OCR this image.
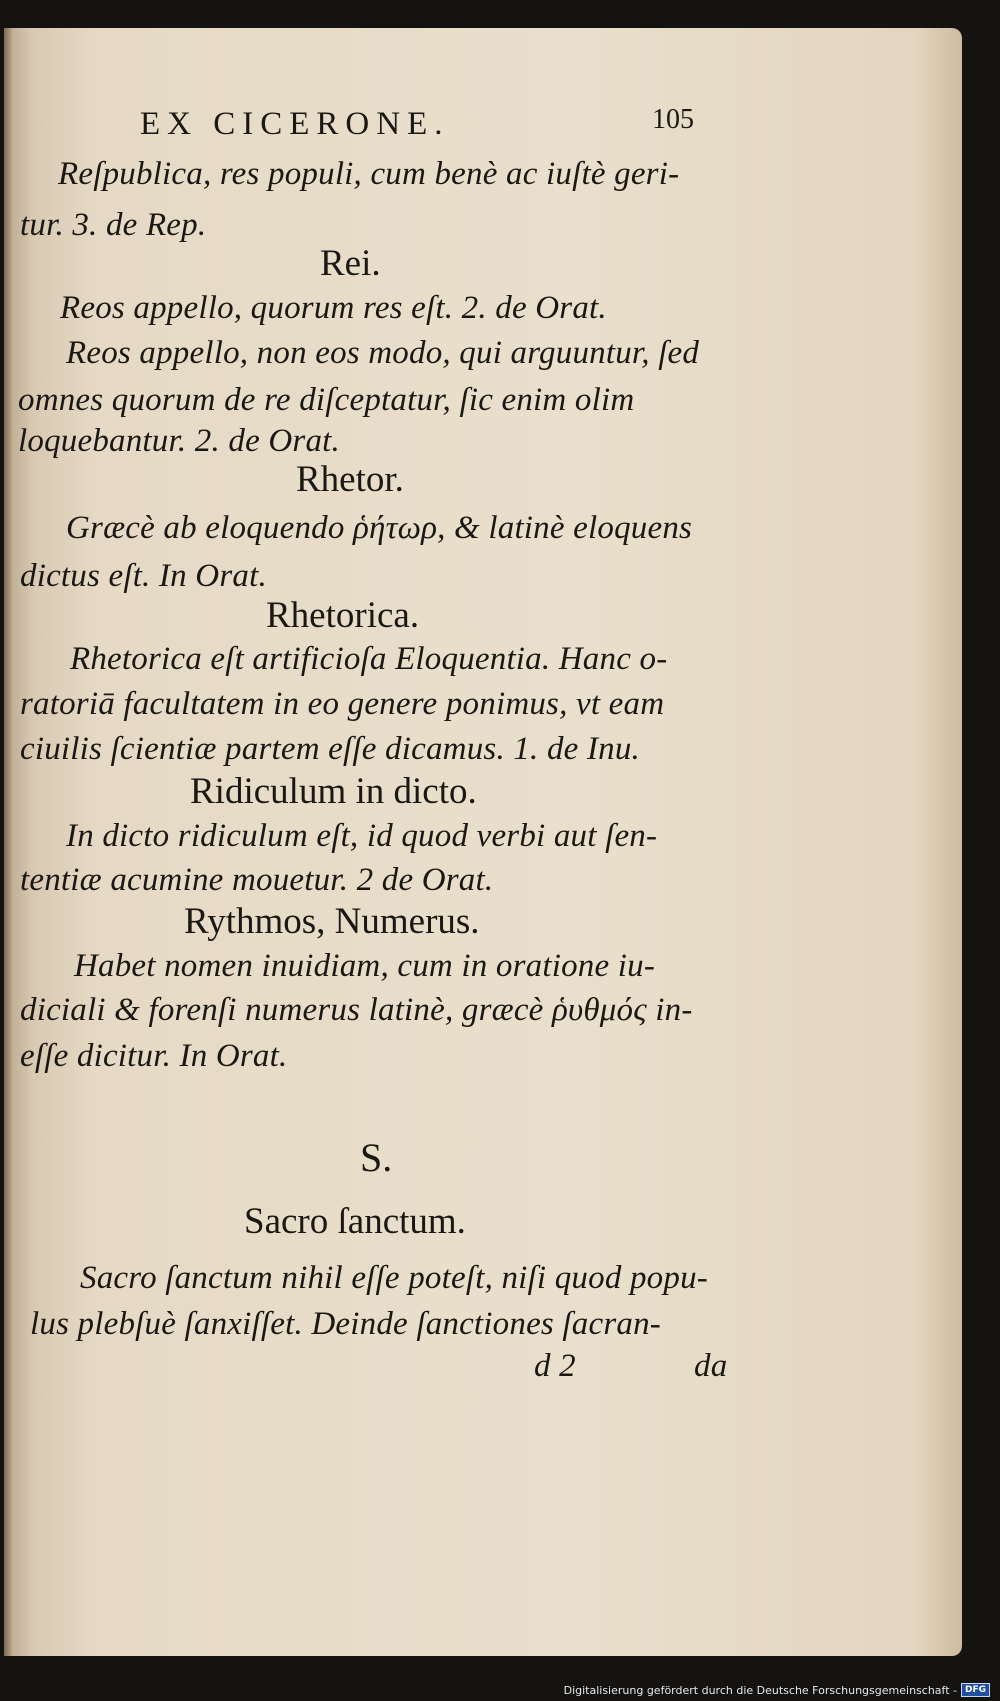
EX CICERONE.	105
Reſpublica, res populi, cum benè ac iuſtè geri-
tur. 3. de Rep.
Rei.
Reos appello, quorum res eſt. 2. de Orat.
Reos appello, non eos modo, qui arguuntur, ſed
omnes quorum de re diſceptatur, ſic enim olim
loquebantur. 2. de Orat.
Rhetor.
Græcè ab eloquendo ῥήτωρ, & latinè eloquens
dictus eſt. In Orat.
Rhetorica.
Rhetorica eſt artificioſa Eloquentia. Hanc o-
ratoriā facultatem in eo genere ponimus, vt eam
ciuilis ſcientiæ partem eſſe dicamus. 1. de Inu.
Ridiculum in dicto.
In dicto ridiculum eſt, id quod verbi aut ſen-
tentiæ acumine mouetur. 2 de Orat.
Rythmos, Numerus.
Habet nomen inuidiam, cum in oratione iu-
diciali & forenſi numerus latinè, græcè ῥυθμός in-
eſſe dicitur. In Orat.
S.
Sacro ſanctum.
Sacro ſanctum nihil eſſe poteſt, niſi quod popu-
lus plebſuè ſanxiſſet. Deinde ſanctiones ſacran-
d 2	da
Digitalisierung gefördert durch die Deutsche Forschungsgemeinschaft - DFG
